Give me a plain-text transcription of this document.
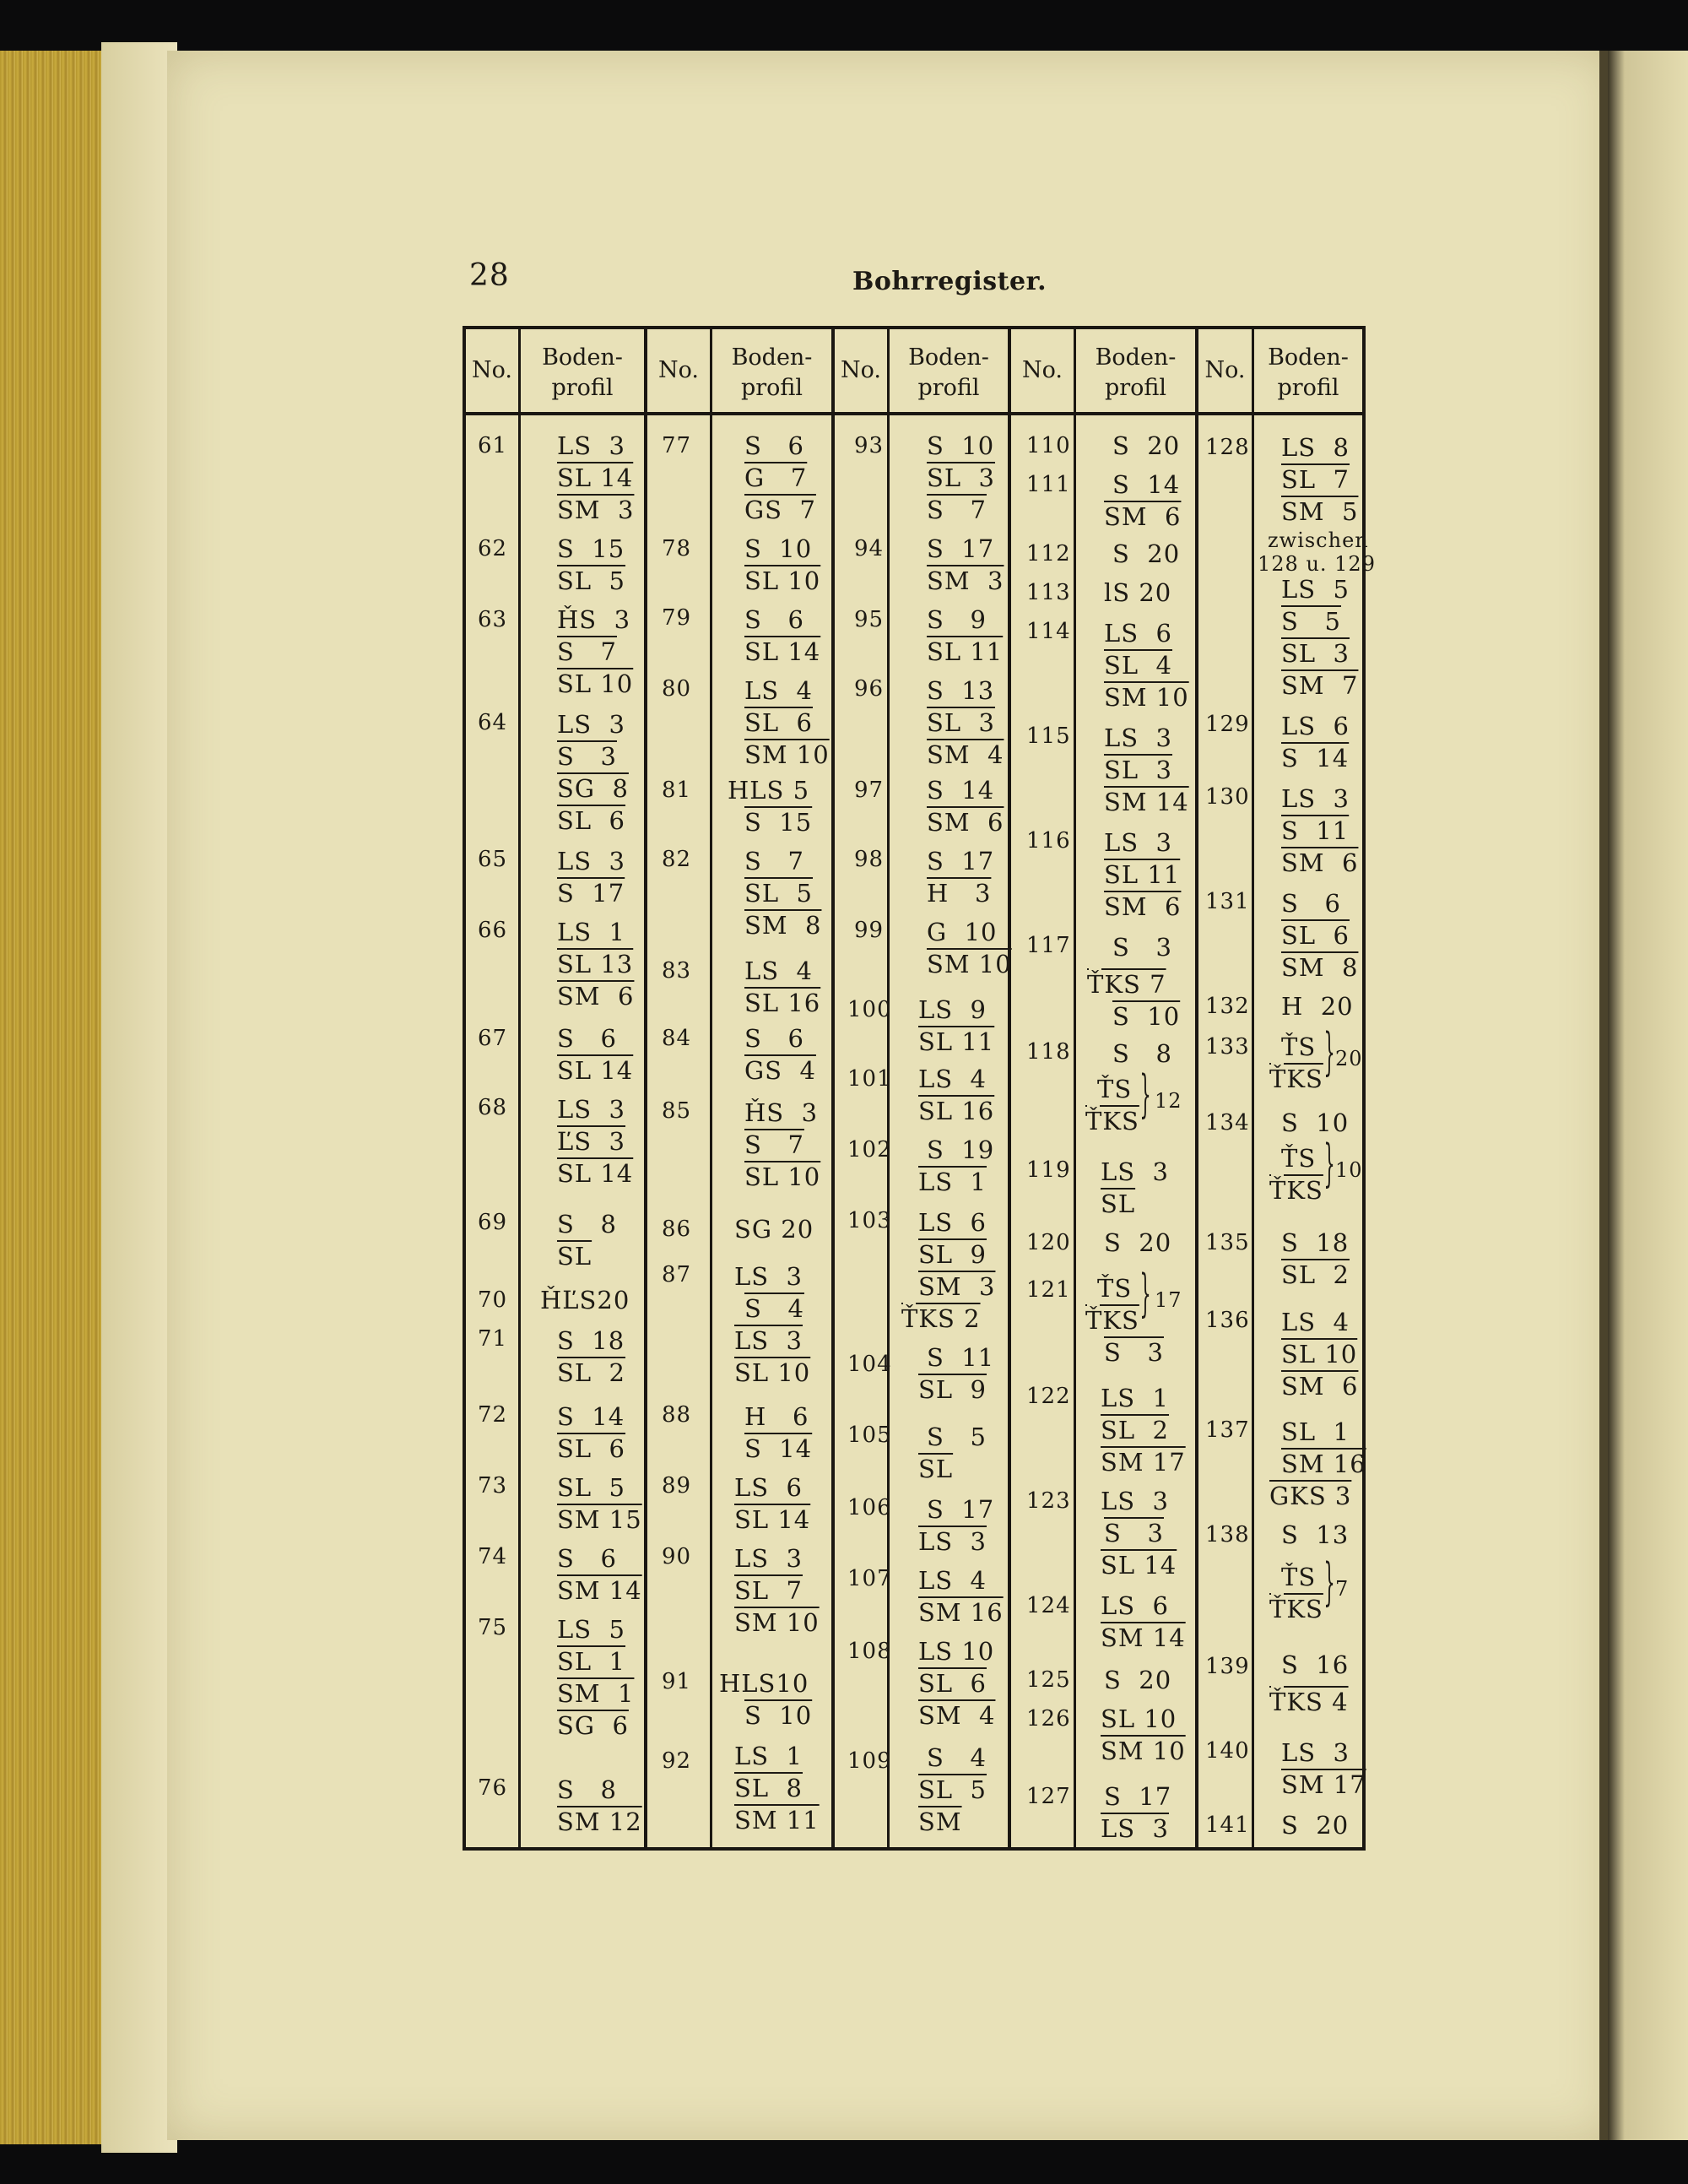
28	Bohrregister.
No.	Boden-
profil
No.	Boden-
profil
No.	Boden-
profil
No.	Boden-
profil
No. Boden-
profil
61 LS  3
SL 14
SM  3
62 S  15
SL  5
63 ȞS  3
S   7
SL 10
64 LS  3
S   3
SG  8
SL  6
65 LS  3
S  17
66 LS  1
SL 13
SM  6
67 S   6
SL 14
68 LS  3
ĽS  3
SL 14
69 S   8
$\overline{SL}$
70 ȞĽS20
71 S  18
SL  2
72 S  14
SL  6
73 SL  5
SM 15
74 S   6
SM 14
75 LS  5
SL  1
SM  1
SG  6
76 S   8
SM 12
77 S   6
G   7
GS  7
78 S  10
SL 10
79 S   6
SL 14
80 LS  4
SL  6
SM 10
81 HLS 5
S  15
82 S   7
SL  5
SM  8
83 LS  4
SL 16
84 S   6
GS  4
85 ȞS  3
S   7
SL 10
86 SG 20
87 LS  3
S   4
LS  3
SL 10
88 H   6
S  14
89 LS  6
SL 14
90 LS  3
SL  7
SM 10
91 HLS10
S  10
92 LS  1
SL  8
SM 11
93 S  10
SL  3
S   7
94 S  17
SM  3
95 S   9
SL 11
96 S  13
SL  3
SM  4
97 S  14
SM  6
98 S  17
H   3
99 G  10
SM 10
100 LS  9
SL 11
101 LS  4
SL 16
102 S  19
LS  1
103 LS  6
SL  9
SM  3
ŤKS 2
104 S  11
SL  9
105 S   5
$\overline{SL}$
106 S  17
LS  3
107 LS  4
SM 16
108 LS 10
SL  6
SM  4
109 S   4
SL  5
$\overline{SM}$
110 S  20
111 S  14
SM  6
112 S  20
113 lS 20
114 LS  6
SL  4
SM 10
115 LS  3
SL  3
SM 14
116 LS  3
SL 11
SM  6
117 S   3
ŤKS 7
S  10
118 S   8
ŤS
$\overline{ŤKS}$ } 12
119 LS  3
$\overline{SL}$
120 S  20
121 ŤS
$\overline{ŤKS}$ } 17
S   3
122 LS  1
SL  2
SM 17
123 LS  3
S   3
SL 14
124 LS  6
SM 14
125 S  20
126 SL 10
SM 10
127 S  17
LS  3
128 LS  8
SL  7
SM  5
zwischen
128 u. 129
LS  5
S   5
SL  3
SM  7
129 LS  6
S  14
130 LS  3
S  11
SM  6
131 S   6
SL  6
SM  8
132 H  20
133 ŤS
$\overline{ŤKS}$ } 20
134 S  10
ŤS
$\overline{ŤKS}$ } 10
135 S  18
SL  2
136 LS  4
SL 10
SM  6
137 SL  1
SM 16
GKS 3
138 S  13
ŤS
$\overline{ŤKS}$ } 7
139 S  16
ŤKS 4
140 LS  3
SM 17
141 S  20
